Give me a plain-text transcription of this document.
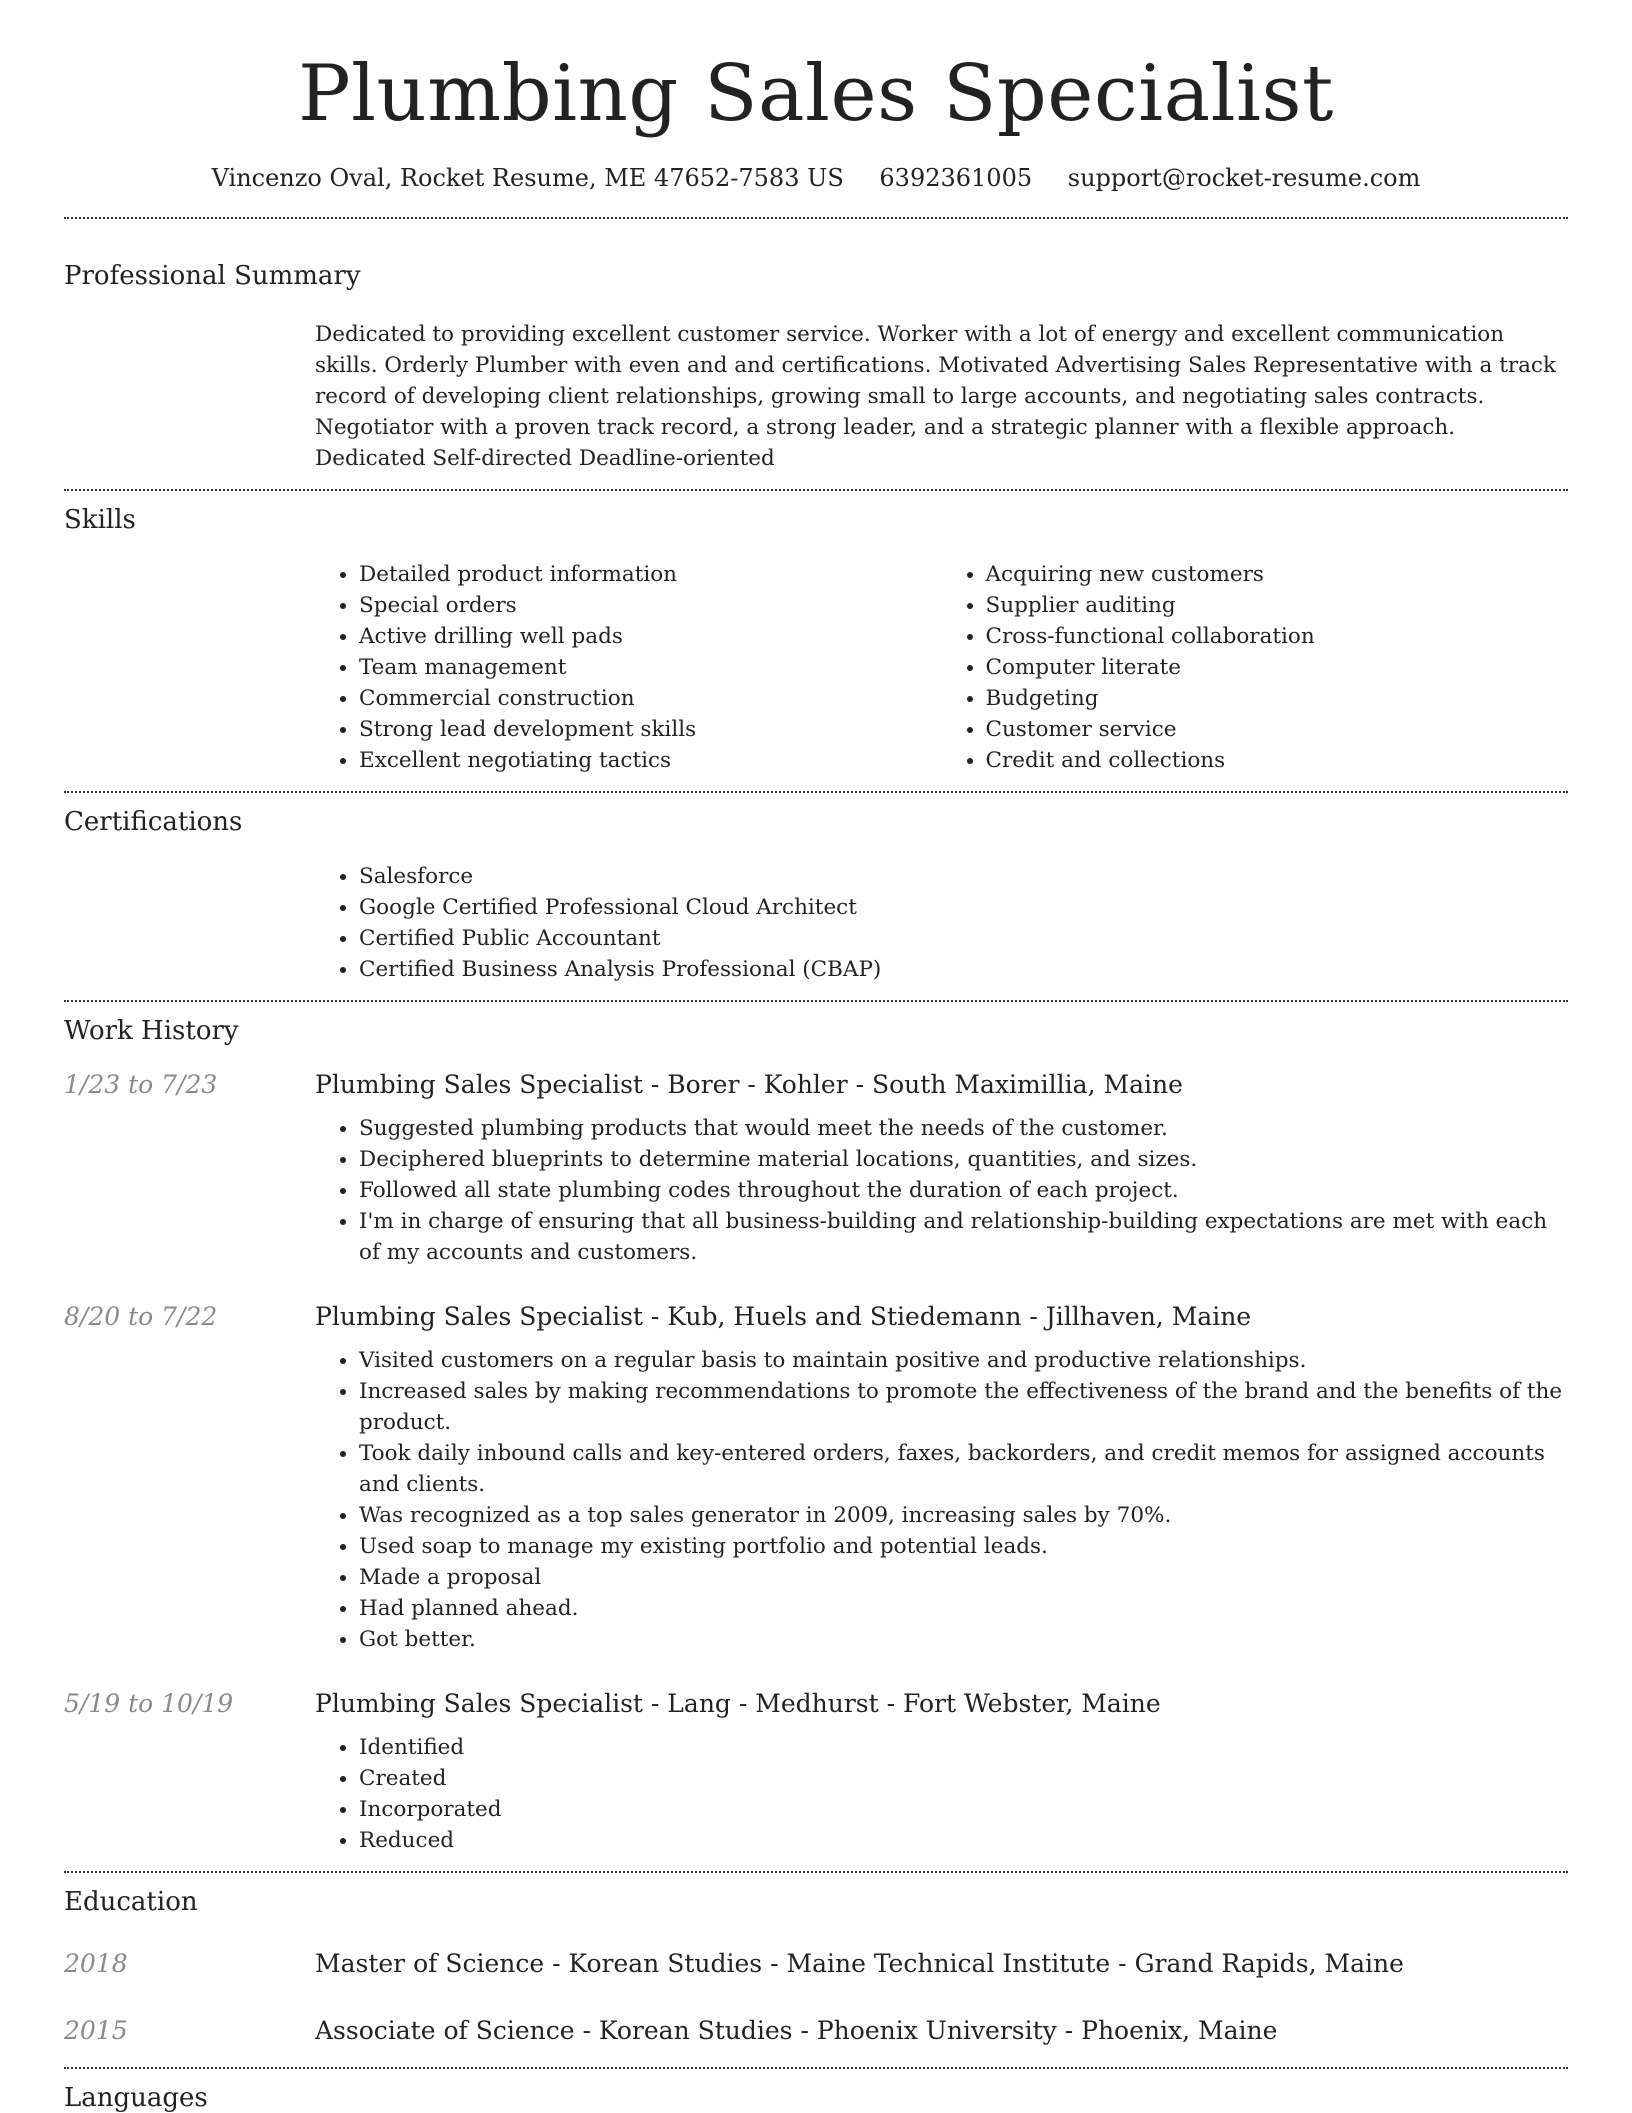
Plumbing Sales Specialist
Vincenzo Oval, Rocket Resume, ME 47652-7583 US 6392361005 support@rocket-resume.com
Professional Summary
Dedicated to providing excellent customer service. Worker with a lot of energy and excellent communication skills. Orderly Plumber with even and and certifications. Motivated Advertising Sales Representative with a track record of developing client relationships, growing small to large accounts, and negotiating sales contracts. Negotiator with a proven track record, a strong leader, and a strategic planner with a flexible approach. Dedicated Self-directed Deadline-oriented
Skills
• Detailed product information
• Special orders
• Active drilling well pads
• Team management
• Commercial construction
• Strong lead development skills
• Excellent negotiating tactics
• Acquiring new customers
• Supplier auditing
• Cross-functional collaboration
• Computer literate
• Budgeting
• Customer service
• Credit and collections
Certifications
• Salesforce
• Google Certified Professional Cloud Architect
• Certified Public Accountant
• Certified Business Analysis Professional (CBAP)
Work History
1/23 to 7/23	Plumbing Sales Specialist - Borer - Kohler - South Maximillia, Maine
• Suggested plumbing products that would meet the needs of the customer.
• Deciphered blueprints to determine material locations, quantities, and sizes.
• Followed all state plumbing codes throughout the duration of each project.
• I'm in charge of ensuring that all business-building and relationship-building expectations are met with each of my accounts and customers.
8/20 to 7/22	Plumbing Sales Specialist - Kub, Huels and Stiedemann - Jillhaven, Maine
• Visited customers on a regular basis to maintain positive and productive relationships.
• Increased sales by making recommendations to promote the effectiveness of the brand and the benefits of the product.
• Took daily inbound calls and key-entered orders, faxes, backorders, and credit memos for assigned accounts and clients.
• Was recognized as a top sales generator in 2009, increasing sales by 70%.
• Used soap to manage my existing portfolio and potential leads.
• Made a proposal
• Had planned ahead.
• Got better.
5/19 to 10/19	Plumbing Sales Specialist - Lang - Medhurst - Fort Webster, Maine
• Identified
• Created
• Incorporated
• Reduced
Education
2018	Master of Science - Korean Studies - Maine Technical Institute - Grand Rapids, Maine
2015	Associate of Science - Korean Studies - Phoenix University - Phoenix, Maine
Languages
